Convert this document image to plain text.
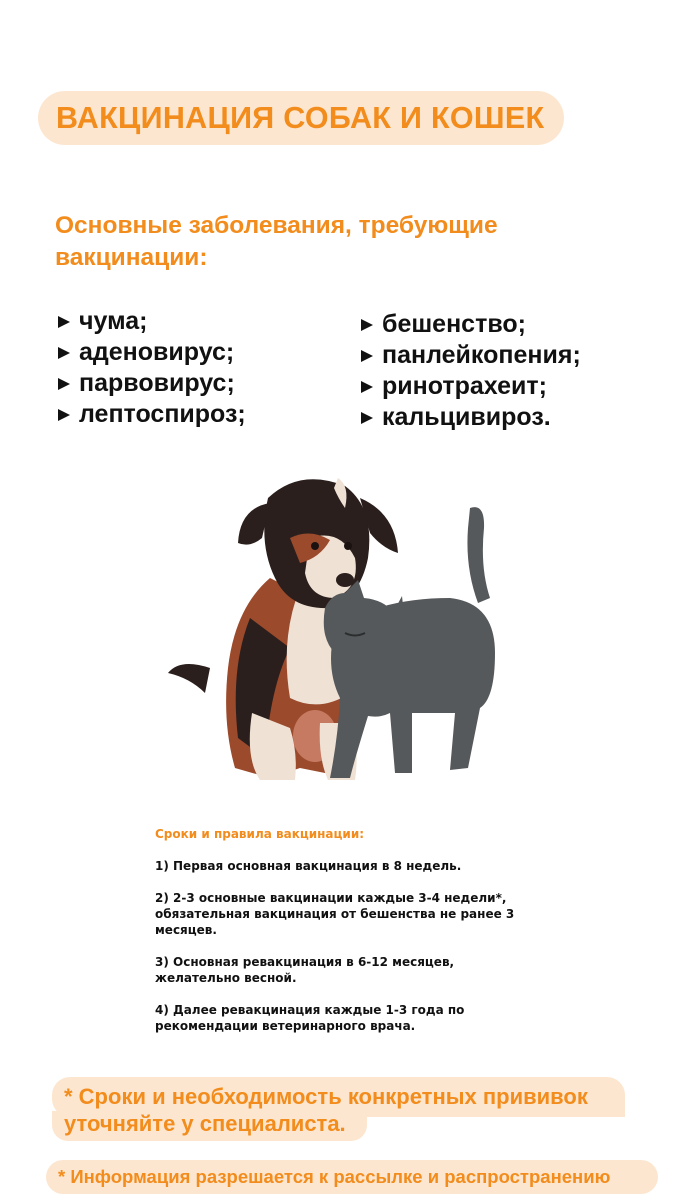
ВАКЦИНАЦИЯ СОБАК И КОШЕК
Основные заболевания, требующие вакцинации:
чума;
аденовирус;
парвовирус;
лептоспироз;
бешенство;
панлейкопения;
ринотрахеит;
кальцивироз.
Сроки и правила вакцинации:
1) Первая основная вакцинация в 8 недель.
2) 2-3 основные вакцинации каждые 3-4 недели*, обязательная вакцинация от бешенства не ранее 3 месяцев.
3) Основная ревакцинация в 6-12 месяцев, желательно весной.
4) Далее ревакцинация каждые 1-3 года по рекомендации ветеринарного врача.
* Сроки и необходимость конкретных прививок
уточняйте у специалиста.
* Информация разрешается к рассылке и распространению
